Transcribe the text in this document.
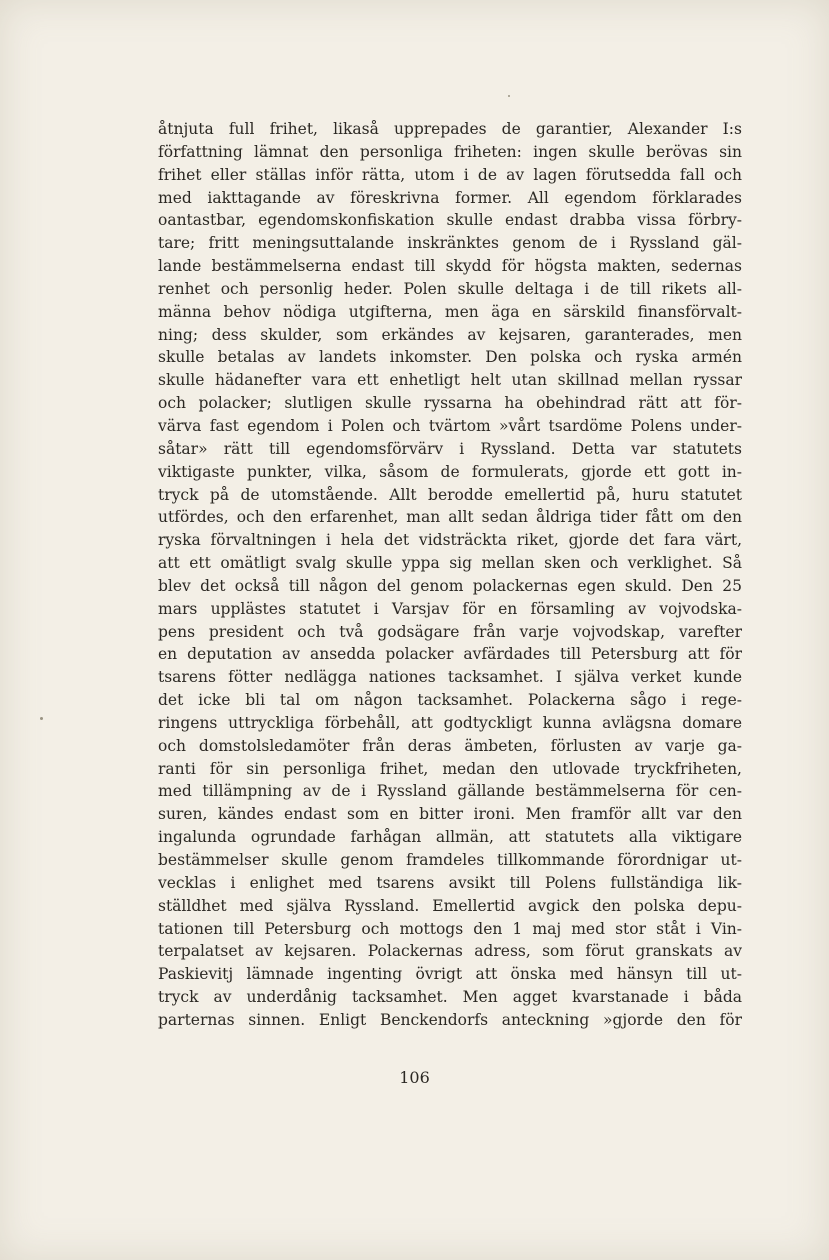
åtnjuta full frihet, likaså upprepades de garantier, Alexander I:s
författning lämnat den personliga friheten: ingen skulle berövas sin
frihet eller ställas inför rätta, utom i de av lagen förutsedda fall och
med iakttagande av föreskrivna former. All egendom förklarades
oantastbar, egendomskonfiskation skulle endast drabba vissa förbry-
tare; fritt meningsuttalande inskränktes genom de i Ryssland gäl-
lande bestämmelserna endast till skydd för högsta makten, sedernas
renhet och personlig heder. Polen skulle deltaga i de till rikets all-
männa behov nödiga utgifterna, men äga en särskild finansförvalt-
ning; dess skulder, som erkändes av kejsaren, garanterades, men
skulle betalas av landets inkomster. Den polska och ryska armén
skulle hädanefter vara ett enhetligt helt utan skillnad mellan ryssar
och polacker; slutligen skulle ryssarna ha obehindrad rätt att för-
värva fast egendom i Polen och tvärtom »vårt tsardöme Polens under-
såtar» rätt till egendomsförvärv i Ryssland. Detta var statutets
viktigaste punkter, vilka, såsom de formulerats, gjorde ett gott in-
tryck på de utomstående. Allt berodde emellertid på, huru statutet
utfördes, och den erfarenhet, man allt sedan åldriga tider fått om den
ryska förvaltningen i hela det vidsträckta riket, gjorde det fara värt,
att ett omätligt svalg skulle yppa sig mellan sken och verklighet. Så
blev det också till någon del genom polackernas egen skuld. Den 25
mars upplästes statutet i Varsjav för en församling av vojvodska-
pens president och två godsägare från varje vojvodskap, varefter
en deputation av ansedda polacker avfärdades till Petersburg att för
tsarens fötter nedlägga nationes tacksamhet. I själva verket kunde
det icke bli tal om någon tacksamhet. Polackerna sågo i rege-
ringens uttryckliga förbehåll, att godtyckligt kunna avlägsna domare
och domstolsledamöter från deras ämbeten, förlusten av varje ga-
ranti för sin personliga frihet, medan den utlovade tryckfriheten,
med tillämpning av de i Ryssland gällande bestämmelserna för cen-
suren, kändes endast som en bitter ironi. Men framför allt var den
ingalunda ogrundade farhågan allmän, att statutets alla viktigare
bestämmelser skulle genom framdeles tillkommande förordnigar ut-
vecklas i enlighet med tsarens avsikt till Polens fullständiga lik-
ställdhet med själva Ryssland. Emellertid avgick den polska depu-
tationen till Petersburg och mottogs den 1 maj med stor ståt i Vin-
terpalatset av kejsaren. Polackernas adress, som förut granskats av
Paskievitj lämnade ingenting övrigt att önska med hänsyn till ut-
tryck av underdånig tacksamhet. Men agget kvarstanade i båda
parternas sinnen. Enligt Benckendorfs anteckning »gjorde den för
106
